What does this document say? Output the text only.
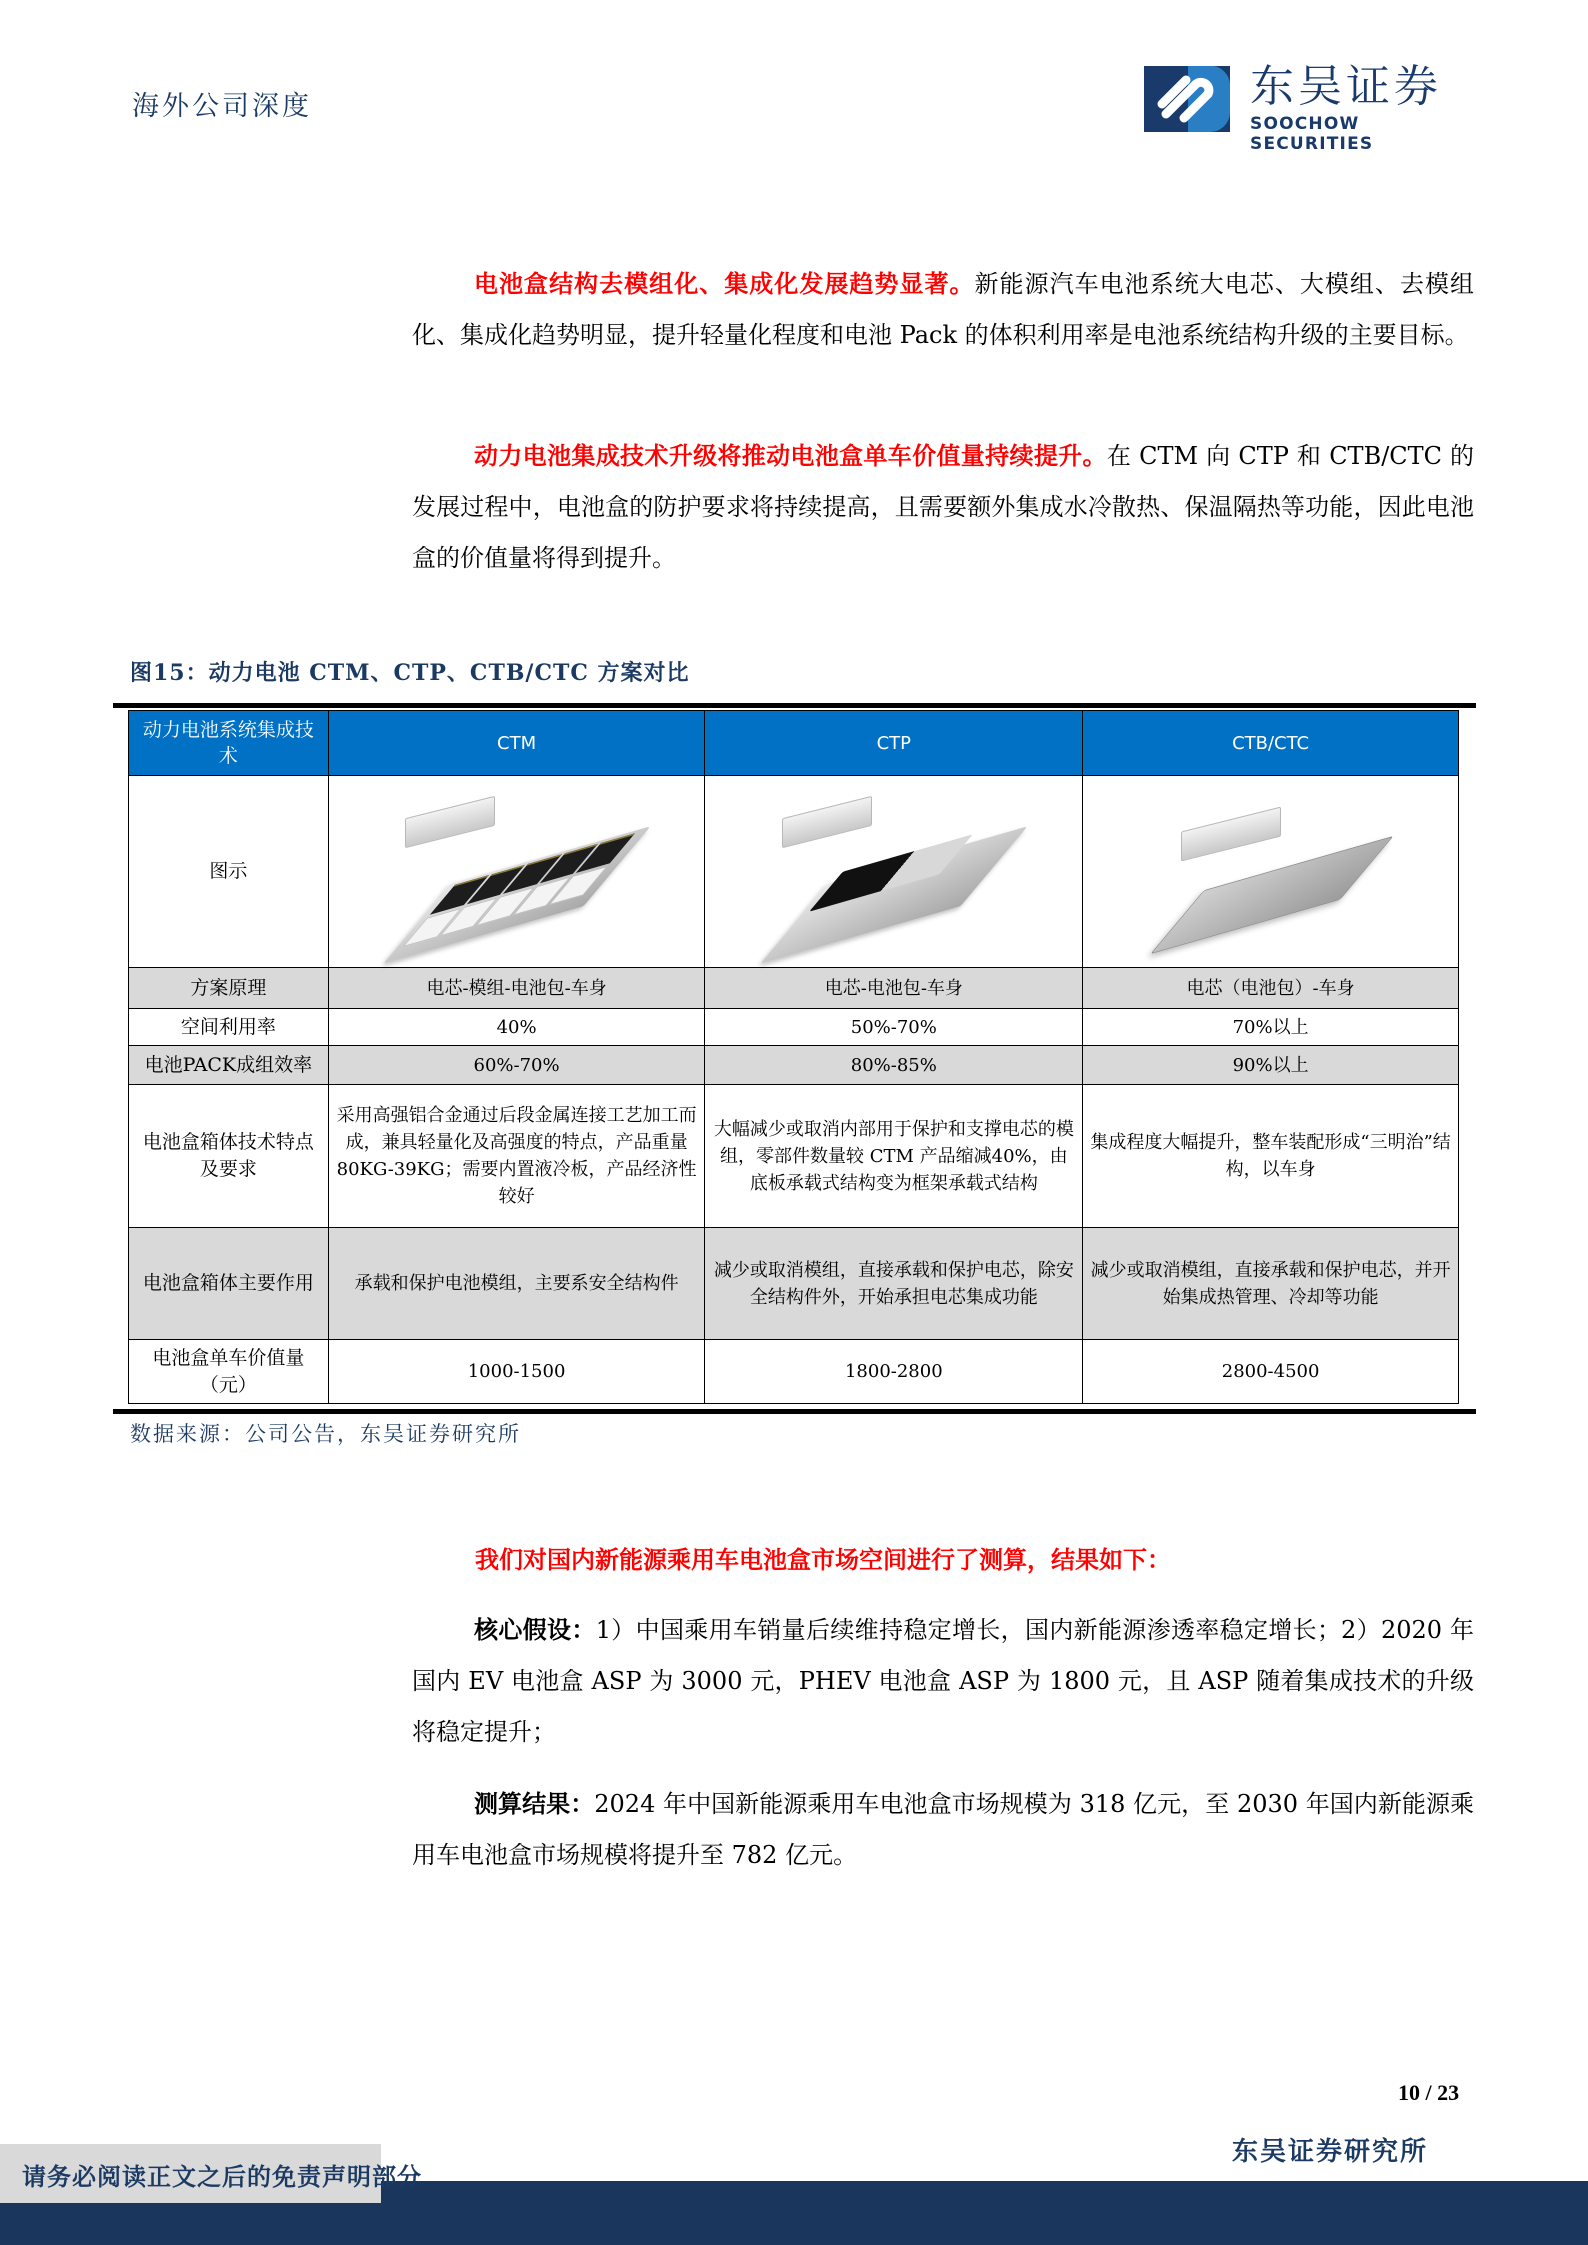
海外公司深度	东吴证券
SOOCHOW SECURITIES
电池盒结构去模组化、集成化发展趋势显著。新能源汽车电池系统大电芯、大模组、去模组化、集成化趋势明显，提升轻量化程度和电池 Pack 的体积利用率是电池系统结构升级的主要目标。
动力电池集成技术升级将推动电池盒单车价值量持续提升。在 CTM 向 CTP 和 CTB/CTC 的发展过程中，电池盒的防护要求将持续提高，且需要额外集成水冷散热、保温隔热等功能，因此电池盒的价值量将得到提升。
图15：动力电池 CTM、CTP、CTB/CTC 方案对比
动力电池系统集成技术	CTM	CTP	CTB/CTC
图示	

方案原理	电芯-模组-电池包-车身	电芯-电池包-车身	电芯（电池包）-车身
空间利用率	40%	50%-70%	70%以上
电池PACK成组效率	60%-70%	80%-85%	90%以上
电池盒箱体技术特点及要求	采用高强铝合金通过后段金属连接工艺加工而成，兼具轻量化及高强度的特点，产品重量80KG-39KG；需要内置液冷板，产品经济性较好	大幅减少或取消内部用于保护和支撑电芯的模组，零部件数量较 CTM 产品缩减40%，由底板承载式结构变为框架承载式结构	集成程度大幅提升，整车装配形成“三明治”结构，以车身
电池盒箱体主要作用	承载和保护电池模组，主要系安全结构件	减少或取消模组，直接承载和保护电芯，除安全结构件外，开始承担电芯集成功能	减少或取消模组，直接承载和保护电芯，并开始集成热管理、冷却等功能
电池盒单车价值量（元）	1000-1500	1800-2800	2800-4500
数据来源：公司公告，东吴证券研究所
我们对国内新能源乘用车电池盒市场空间进行了测算，结果如下：
核心假设：1）中国乘用车销量后续维持稳定增长，国内新能源渗透率稳定增长；2）2020 年国内 EV 电池盒 ASP 为 3000 元，PHEV 电池盒 ASP 为 1800 元，且 ASP 随着集成技术的升级将稳定提升；
测算结果：2024 年中国新能源乘用车电池盒市场规模为 318 亿元，至 2030 年国内新能源乘用车电池盒市场规模将提升至 782 亿元。
10 / 23
东吴证券研究所
请务必阅读正文之后的免责声明部分
